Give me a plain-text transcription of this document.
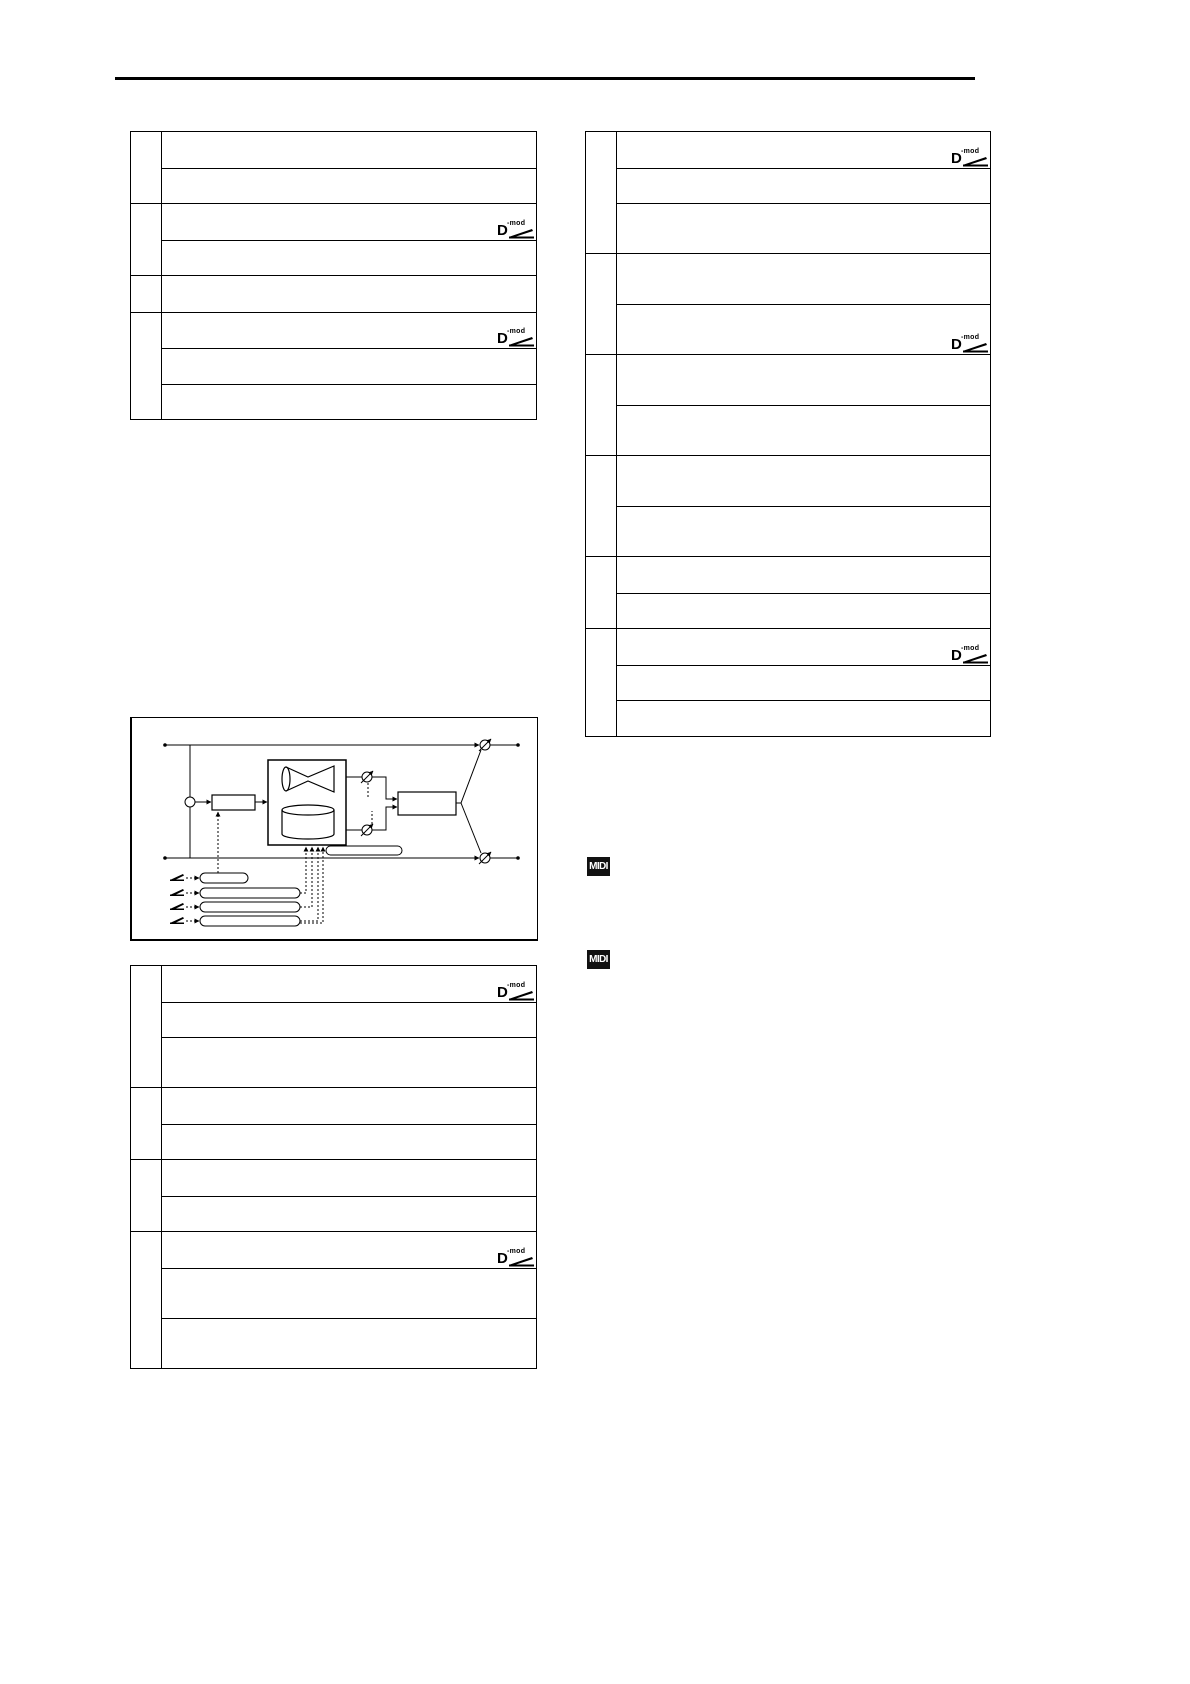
D -mod
D -mod
D -mod
D -mod
D -mod
MIDI
MIDI
D -mod
D -mod
